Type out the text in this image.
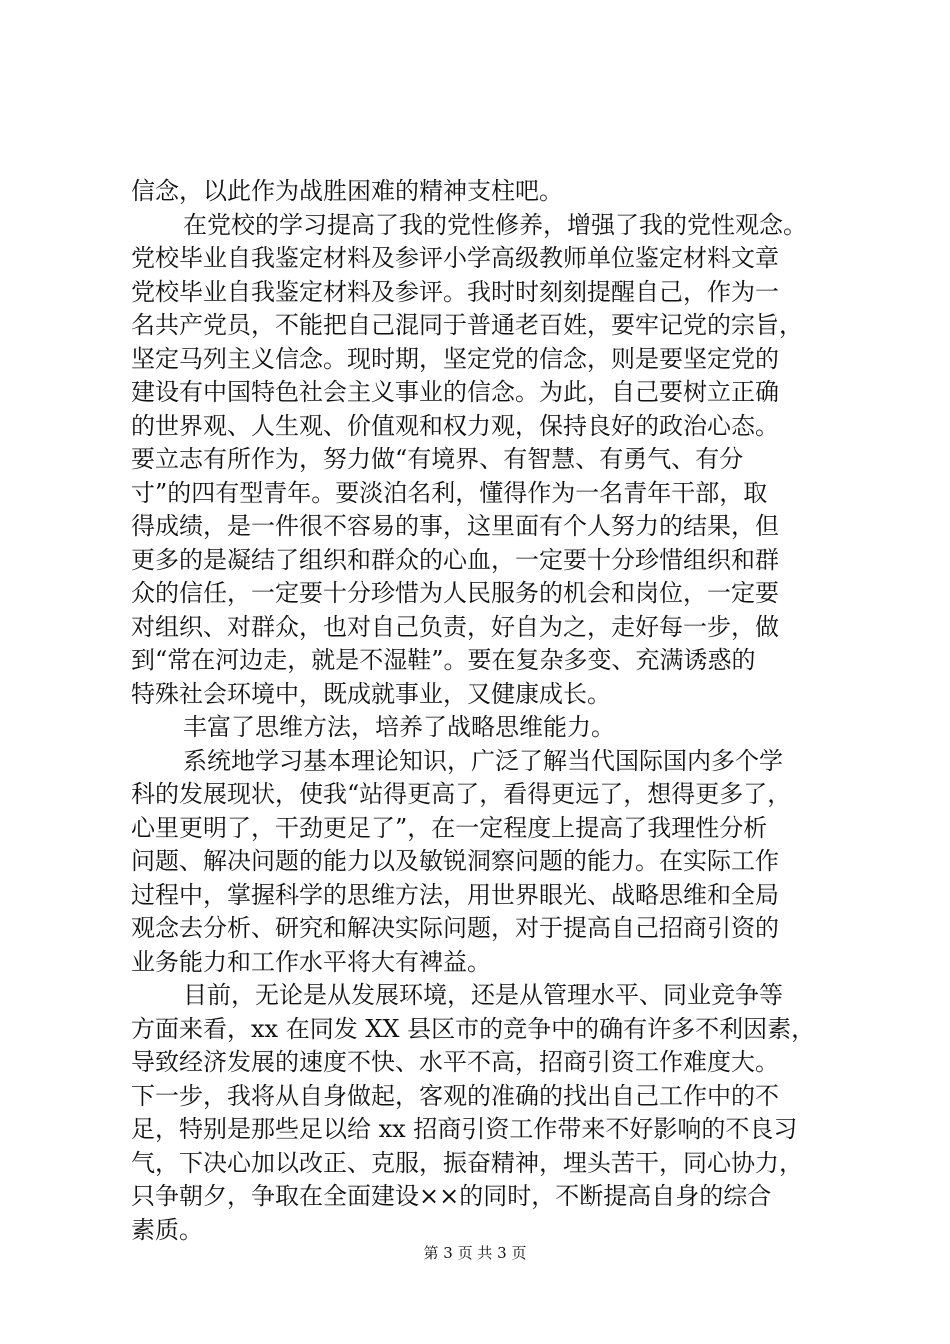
信念，以此作为战胜困难的精神支柱吧。
在党校的学习提高了我的党性修养，增强了我的党性观念。
党校毕业自我鉴定材料及参评小学高级教师单位鉴定材料文章
党校毕业自我鉴定材料及参评。我时时刻刻提醒自己，作为一
名共产党员，不能把自己混同于普通老百姓，要牢记党的宗旨，
坚定马列主义信念。现时期，坚定党的信念，则是要坚定党的
建设有中国特色社会主义事业的信念。为此，自己要树立正确
的世界观、人生观、价值观和权力观，保持良好的政治心态。
要立志有所作为，努力做“有境界、有智慧、有勇气、有分
寸”的四有型青年。要淡泊名利，懂得作为一名青年干部，取
得成绩，是一件很不容易的事，这里面有个人努力的结果，但
更多的是凝结了组织和群众的心血，一定要十分珍惜组织和群
众的信任，一定要十分珍惜为人民服务的机会和岗位，一定要
对组织、对群众，也对自己负责，好自为之，走好每一步，做
到“常在河边走，就是不湿鞋”。要在复杂多变、充满诱惑的
特殊社会环境中，既成就事业，又健康成长。
丰富了思维方法，培养了战略思维能力。
系统地学习基本理论知识，广泛了解当代国际国内多个学
科的发展现状，使我“站得更高了，看得更远了，想得更多了，
心里更明了，干劲更足了”，在一定程度上提高了我理性分析
问题、解决问题的能力以及敏锐洞察问题的能力。在实际工作
过程中，掌握科学的思维方法，用世界眼光、战略思维和全局
观念去分析、研究和解决实际问题，对于提高自己招商引资的
业务能力和工作水平将大有裨益。
目前，无论是从发展环境，还是从管理水平、同业竞争等
方面来看，xx 在同发 XX 县区市的竞争中的确有许多不利因素，
导致经济发展的速度不快、水平不高，招商引资工作难度大。
下一步，我将从自身做起，客观的准确的找出自己工作中的不
足，特别是那些足以给 xx 招商引资工作带来不好影响的不良习
气，下决心加以改正、克服，振奋精神，埋头苦干，同心协力，
只争朝夕，争取在全面建设××的同时，不断提高自身的综合
素质。
第 3 页 共 3 页
